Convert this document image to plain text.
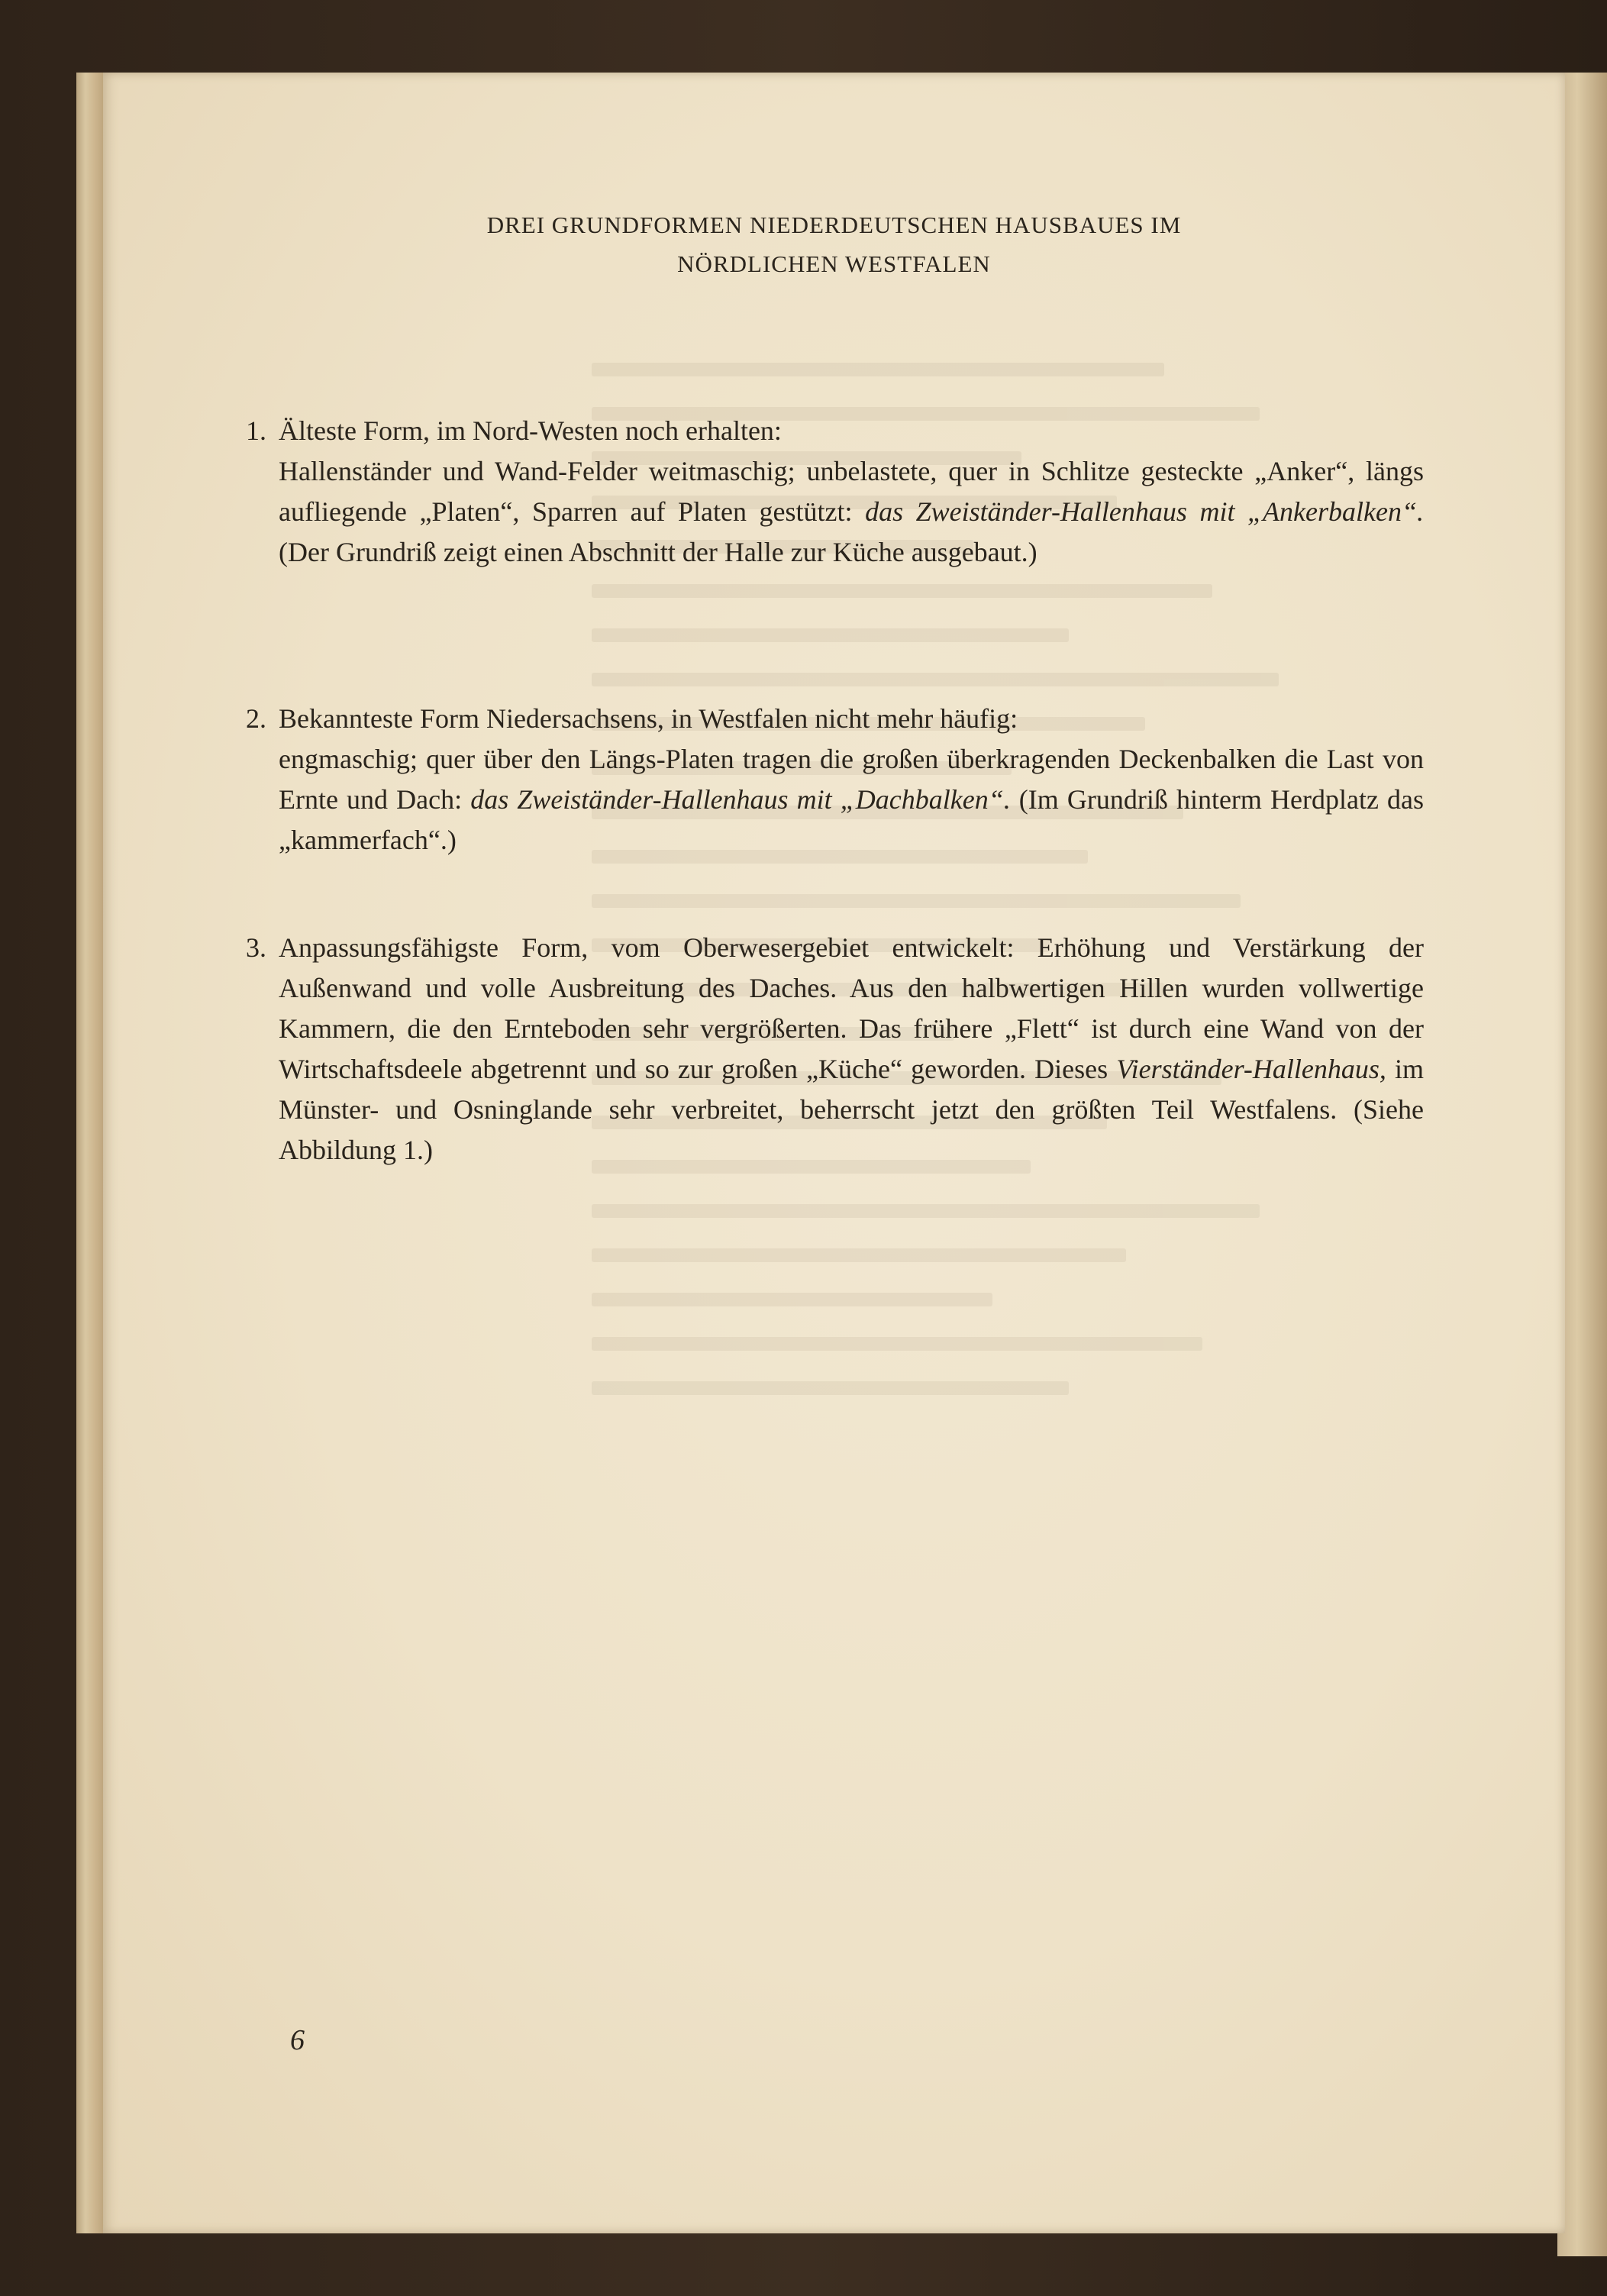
DREI GRUNDFORMEN NIEDERDEUTSCHEN HAUSBAUES IM
NÖRDLICHEN WESTFALEN
1. Älteste Form, im Nord-Westen noch erhalten:
Hallenständer und Wand-Felder weitmaschig; unbelastete, quer in Schlitze gesteckte „Anker“, längs aufliegende „Platen“, Sparren auf Platen gestützt: das Zweiständer-Hallenhaus mit „Ankerbalken“. (Der Grundriß zeigt einen Abschnitt der Halle zur Küche ausgebaut.)
2. Bekannteste Form Niedersachsens, in Westfalen nicht mehr häufig:
engmaschig; quer über den Längs-Platen tragen die großen überkragenden Deckenbalken die Last von Ernte und Dach: das Zweiständer-Hallenhaus mit „Dachbalken“. (Im Grundriß hinterm Herdplatz das „kammerfach“.)
3. Anpassungsfähigste Form, vom Oberwesergebiet entwickelt: Erhöhung und Verstärkung der Außenwand und volle Ausbreitung des Daches. Aus den halbwertigen Hillen wurden vollwertige Kammern, die den Ernteboden sehr vergrößerten. Das frühere „Flett“ ist durch eine Wand von der Wirtschaftsdeele abgetrennt und so zur großen „Küche“ geworden. Dieses Vierständer-Hallenhaus, im Münster- und Osninglande sehr verbreitet, beherrscht jetzt den größten Teil Westfalens. (Siehe Abbildung 1.)
6
